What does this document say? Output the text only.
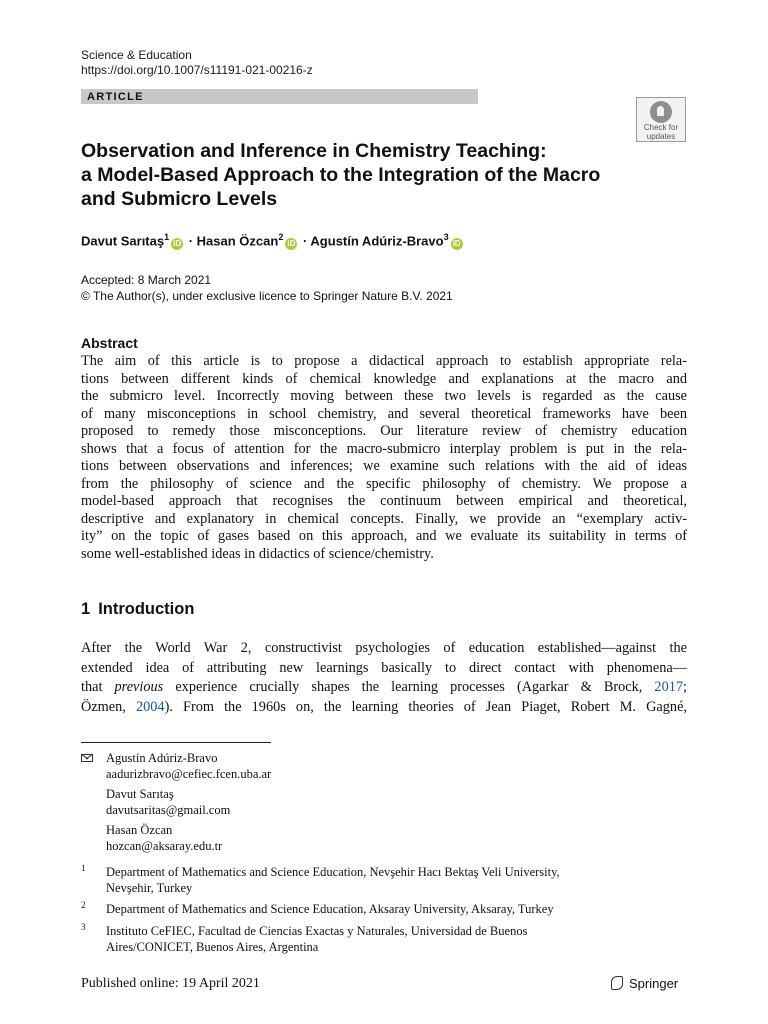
Science & Education
https://doi.org/10.1007/s11191-021-00216-z
ARTICLE
Check for
updates
Observation and Inference in Chemistry Teaching:
a Model-Based Approach to the Integration of the Macro
and Submicro Levels
Davut Sarıtaş$^1$iD · Hasan Özcan$^2$iD · Agustín Adúriz-Bravo$^3$iD
Accepted: 8 March 2021
© The Author(s), under exclusive licence to Springer Nature B.V. 2021
Abstract
The aim of this article is to propose a didactical approach to establish appropriate rela-
tions between different kinds of chemical knowledge and explanations at the macro and
the submicro level. Incorrectly moving between these two levels is regarded as the cause
of many misconceptions in school chemistry, and several theoretical frameworks have been
proposed to remedy those misconceptions. Our literature review of chemistry education
shows that a focus of attention for the macro-submicro interplay problem is put in the rela-
tions between observations and inferences; we examine such relations with the aid of ideas
from the philosophy of science and the specific philosophy of chemistry. We propose a
model-based approach that recognises the continuum between empirical and theoretical,
descriptive and explanatory in chemical concepts. Finally, we provide an “exemplary activ-
ity” on the topic of gases based on this approach, and we evaluate its suitability in terms of
some well-established ideas in didactics of science/chemistry.
1 Introduction
After the World War 2, constructivist psychologies of education established—against the
extended idea of attributing new learnings basically to direct contact with phenomena—
that previous experience crucially shapes the learning processes (Agarkar & Brock, 2017;
Özmen, 2004). From the 1960s on, the learning theories of Jean Piaget, Robert M. Gagné,
Agustín Adúriz-Bravo
aadurizbravo@cefiec.fcen.uba.ar
Davut Sarıtaş
davutsaritas@gmail.com
Hasan Özcan
hozcan@aksaray.edu.tr
1 Department of Mathematics and Science Education, Nevşehir Hacı Bektaş Veli University,
Nevşehir, Turkey
2 Department of Mathematics and Science Education, Aksaray University, Aksaray, Turkey
3 Instituto CeFIEC, Facultad de Ciencias Exactas y Naturales, Universidad de Buenos
Aires/CONICET, Buenos Aires, Argentina
Published online: 19 April 2021	Springer
